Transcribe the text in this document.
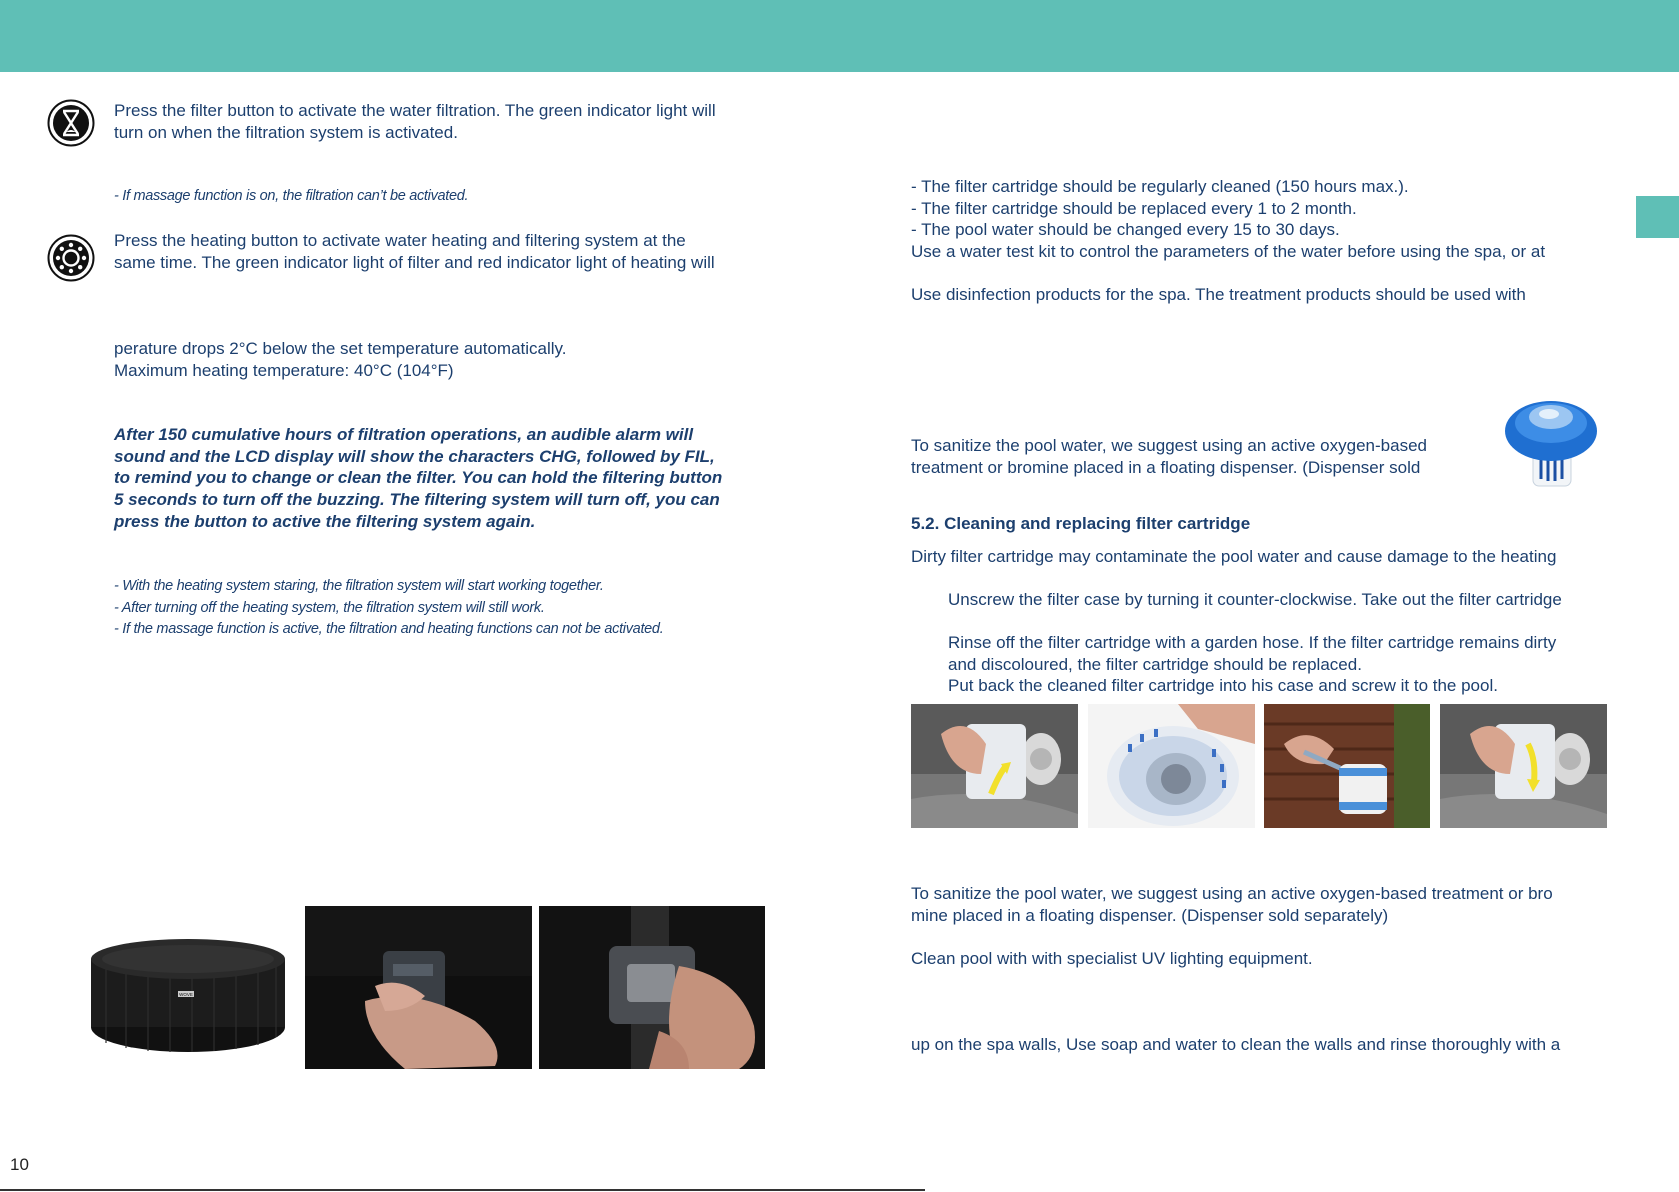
Press the filter button to activate the water filtration. The green indicator light will

turn on when the filtration system is activated.

- If massage function is on, the filtration can’t be activated.

Press the heating button to activate water heating and filtering system at the

same time. The green indicator light of filter and red indicator light of heating will

perature drops 2°C below the set temperature automatically.

Maximum heating temperature: 40°C (104°F)

After 150 cumulative hours of filtration operations, an audible alarm will

sound and the LCD display will show the characters CHG, followed by FIL,

to remind you to change or clean the filter. You can hold the filtering button

5 seconds to turn off the buzzing. The filtering system will turn off, you can

press the button to active the filtering system again.

- With the heating system staring, the filtration system will start working together.

- After turning off the heating system, the filtration system will still work.

- If the massage function is active, the filtration and heating functions can not be activated.

WOVE
10

- The filter cartridge should be regularly cleaned (150 hours max.).

- The filter cartridge should be replaced every 1 to 2 month.

- The pool water should be changed every 15 to 30 days.

Use a water test kit to control the parameters of the water before using the spa, or at

Use disinfection products for the spa. The treatment products should be used with

To sanitize the pool water, we suggest using an active oxygen-based

treatment or bromine placed in a floating dispenser. (Dispenser sold

5.2. Cleaning and replacing filter cartridge

Dirty filter cartridge may contaminate the pool water and cause damage to the heating

Unscrew the filter case by turning it counter-clockwise. Take out the filter cartridge

Rinse off the filter cartridge with a garden hose. If the filter cartridge remains dirty

and discoloured, the filter cartridge should be replaced.

Put back the cleaned filter cartridge into his case and screw it to the pool.

To sanitize the pool water, we suggest using an active oxygen-based treatment or bro

mine placed in a floating dispenser. (Dispenser sold separately)

Clean pool with with specialist UV lighting equipment.

up on the spa walls, Use soap and water to clean the walls and rinse thoroughly with a
